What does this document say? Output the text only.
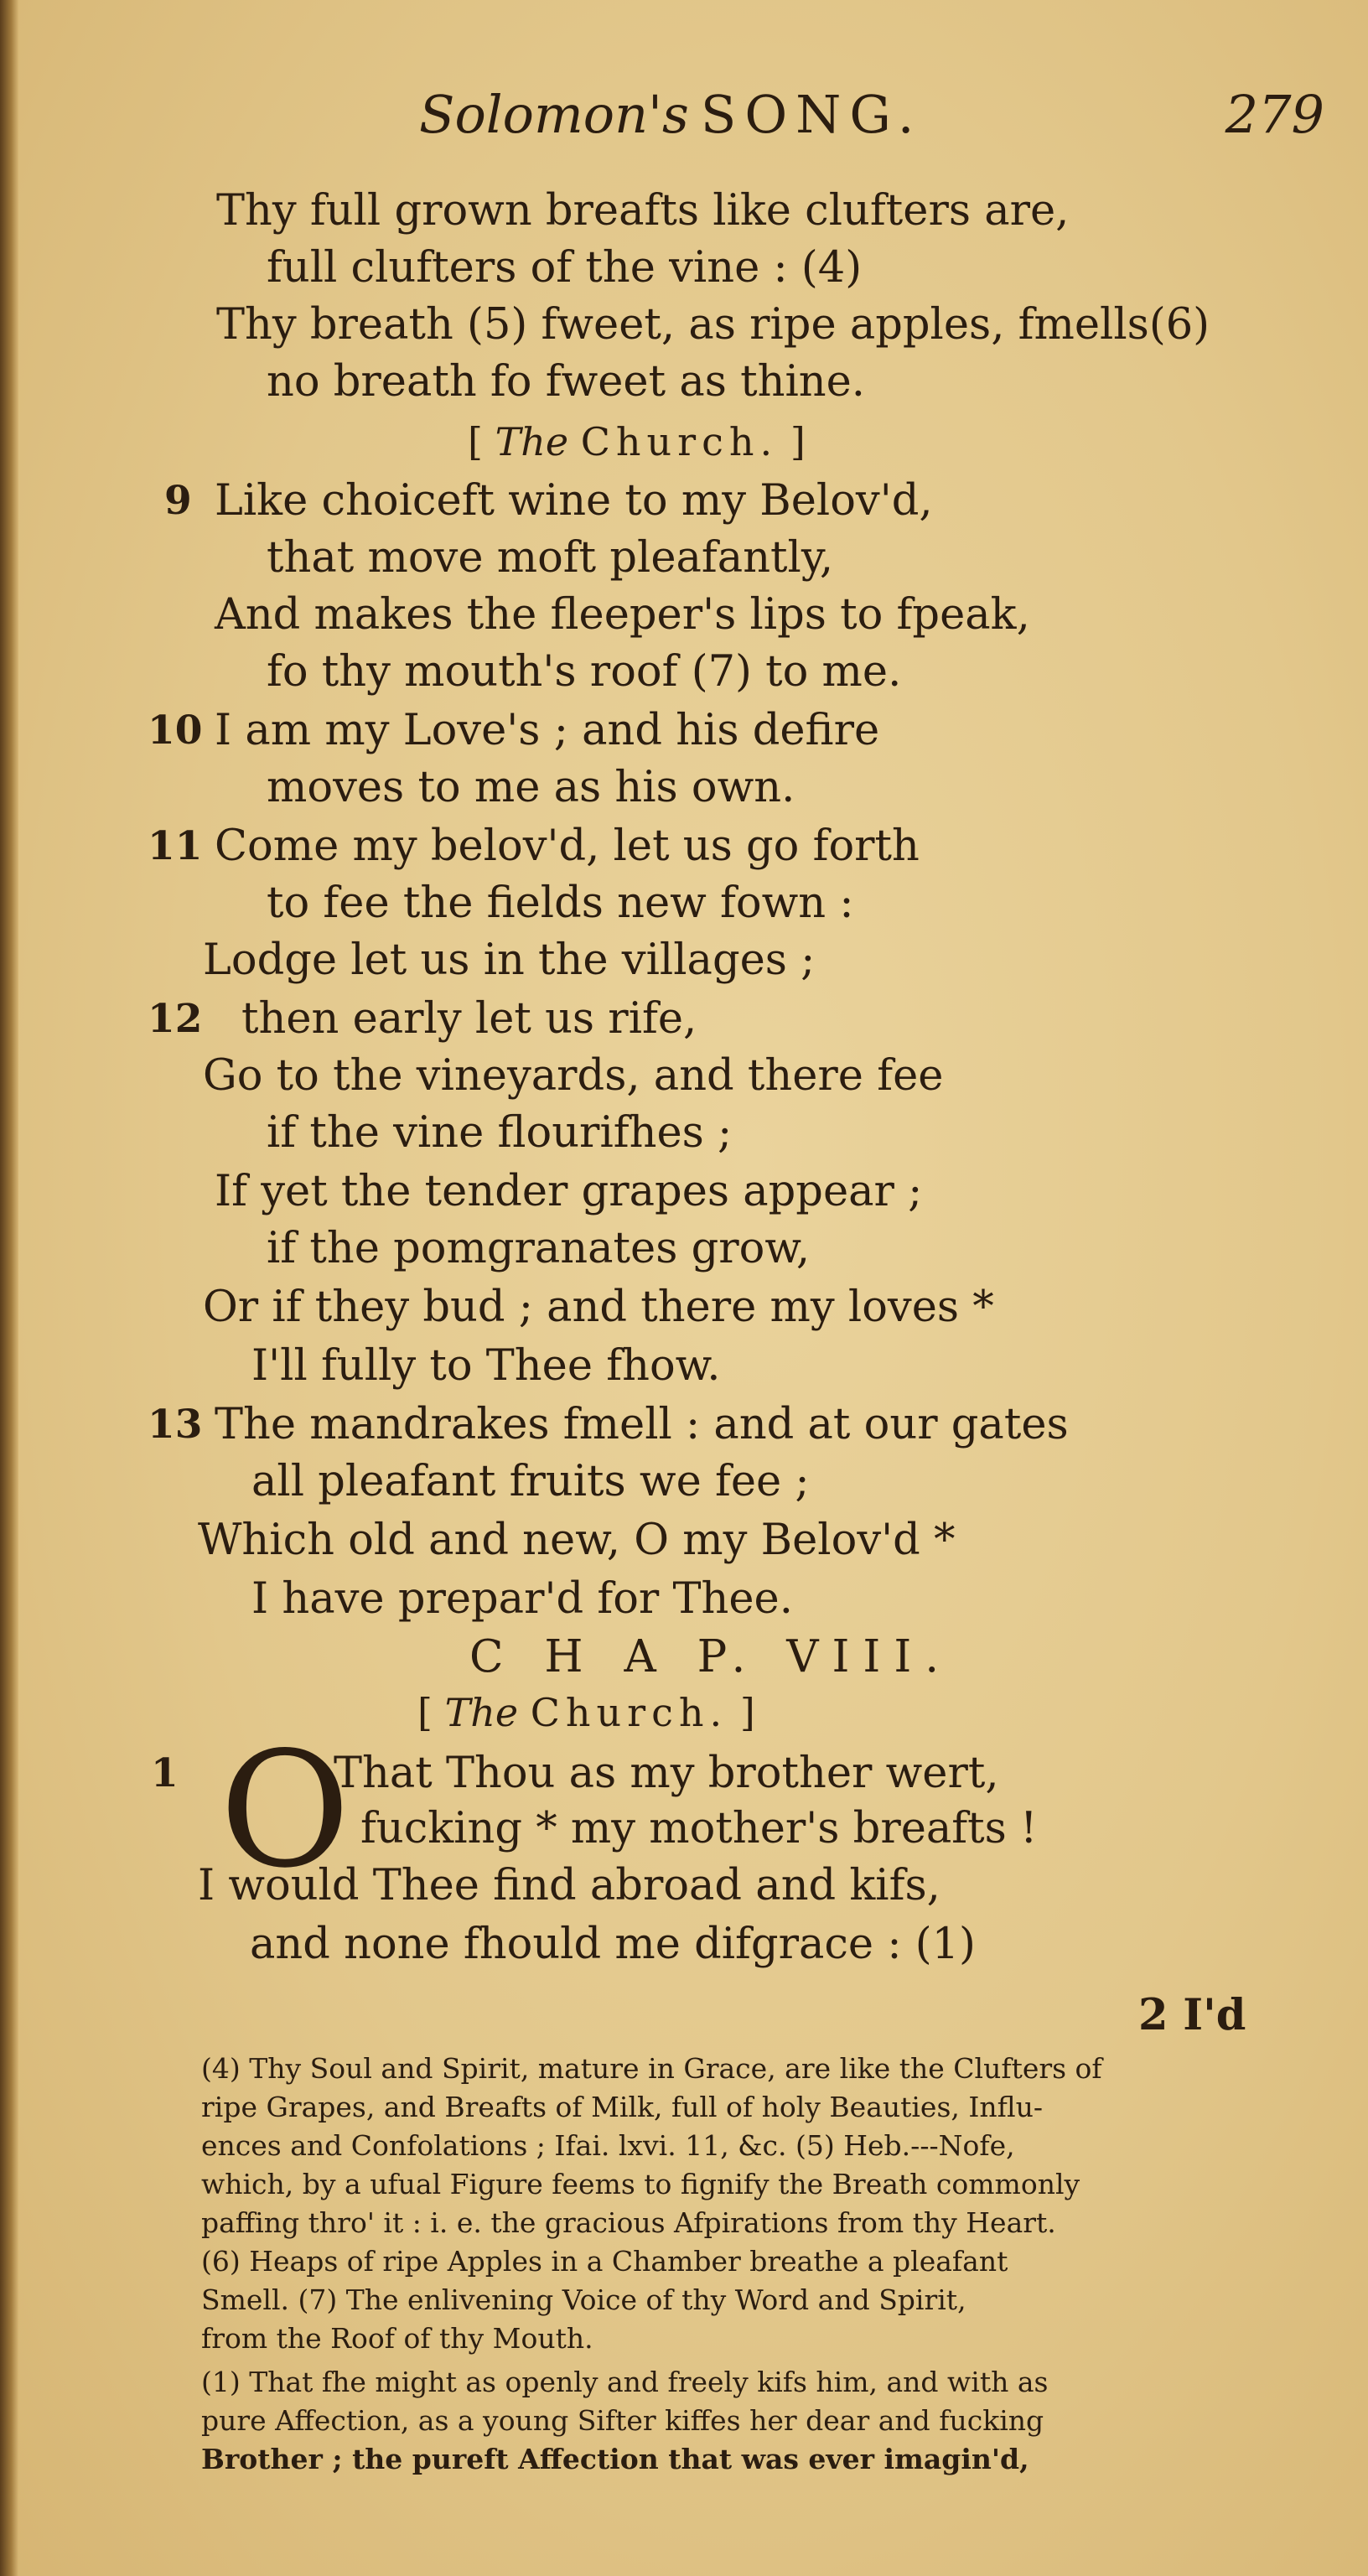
Solomon's SONG.	279
Thy full grown breafts like clufters are,
full clufters of the vine : (4)
Thy breath (5) fweet, as ripe apples, fmells(6)
no breath fo fweet as thine.
[ The Church. ]
9 Like choiceft wine to my Belov'd,
that move moft pleafantly,
And makes the fleeper's lips to fpeak,
fo thy mouth's roof (7) to me.
10 I am my Love's ; and his defire
moves to me as his own.
11 Come my belov'd, let us go forth
to fee the fields new fown :
Lodge let us in the villages ;
12 then early let us rife,
Go to the vineyards, and there fee
if the vine flourifhes ;
If yet the tender grapes appear ;
if the pomgranates grow,
Or if they bud ; and there my loves *
I'll fully to Thee fhow.
13 The mandrakes fmell : and at our gates
all pleafant fruits we fee ;
Which old and new, O my Belov'd *
I have prepar'd for Thee.
C H A P. VIII.
[ The Church. ]
1 O
That Thou as my brother wert,
fucking * my mother's breafts !
I would Thee find abroad and kifs,
and none fhould me difgrace : (1)
2 I'd
(4) Thy Soul and Spirit, mature in Grace, are like the Clufters of
ripe Grapes, and Breafts of Milk, full of holy Beauties, Influ-
ences and Confolations ; Ifai. lxvi. 11, &c. (5) Heb.---Nofe,
which, by a ufual Figure feems to fignify the Breath commonly
paffing thro' it : i. e. the gracious Afpirations from thy Heart.
(6) Heaps of ripe Apples in a Chamber breathe a pleafant
Smell. (7) The enlivening Voice of thy Word and Spirit,
from the Roof of thy Mouth.
(1) That fhe might as openly and freely kifs him, and with as
pure Affection, as a young Sifter kiffes her dear and fucking
Brother ; the pureft Affection that was ever imagin'd,
